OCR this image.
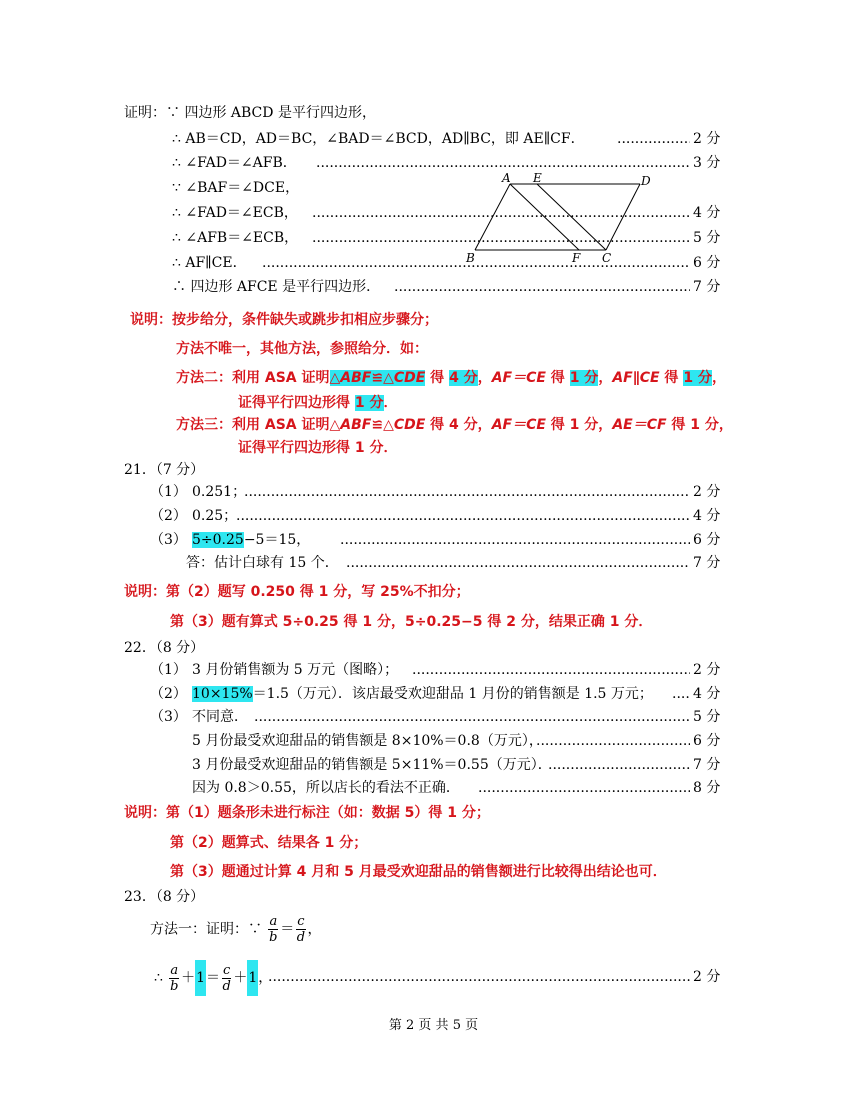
证明：∵ 四边形 ABCD 是平行四边形，
∴ AB＝CD，AD＝BC，∠BAD＝∠BCD，AD∥BC，即 AE∥CF． .....	2 分
∴ ∠FAD＝∠AFB． .....	3 分
∵ ∠BAF＝∠DCE，
∴ ∠FAD＝∠ECB， .....	4 分
∴ ∠AFB＝∠ECB， .....	5 分
∴ AF∥CE． .....	6 分
∴ 四边形 AFCE 是平行四边形． .....	7 分
A E	D
B	F C
说明：按步给分，条件缺失或跳步扣相应步骤分；
方法不唯一，其他方法，参照给分．如：
方法二：利用 ASA 证明△ABF≌△CDE 得 4 分，AF＝CE 得 1 分，AF∥CE 得 1 分，
证得平行四边形得 1 分．
方法三：利用 ASA 证明△ABF≌△CDE 得 4 分，AF＝CE 得 1 分，AE＝CF 得 1 分，
证得平行四边形得 1 分．
21．（7 分）
（1） 0.251； .....	2 分
（2） 0.25； .....	4 分
（3） 5÷0.25−5＝15， .....	6 分
答：估计白球有 15 个． .....	7 分
说明：第（2）题写 0.250 得 1 分，写 25%不扣分；
第（3）题有算式 5÷0.25 得 1 分，5÷0.25−5 得 2 分，结果正确 1 分．
22．（8 分）
（1） 3 月份销售额为 5 万元（图略）； .....	2 分
（2） 10×15%＝1.5（万元）．该店最受欢迎甜品 1 月份的销售额是 1.5 万元； .....	4 分
（3） 不同意． .....	5 分
5 月份最受欢迎甜品的销售额是 8×10%＝0.8（万元）， .....	6 分
3 月份最受欢迎甜品的销售额是 5×11%＝0.55（万元）． .....	7 分
因为 0.8＞0.55，所以店长的看法不正确． .....	8 分
说明：第（1）题条形未进行标注（如：数据 5）得 1 分；
第（2）题算式、结果各 1 分；
第（3）题通过计算 4 月和 5 月最受欢迎甜品的销售额进行比较得出结论也可．
23．（8 分）
方法一：证明：∵ $\frac{a}{b} = \frac{c}{d}$ ，
∴ $\frac{a}{b} +1= \frac{c}{d} +1$， .....	2 分
第 2 页 共 5 页
